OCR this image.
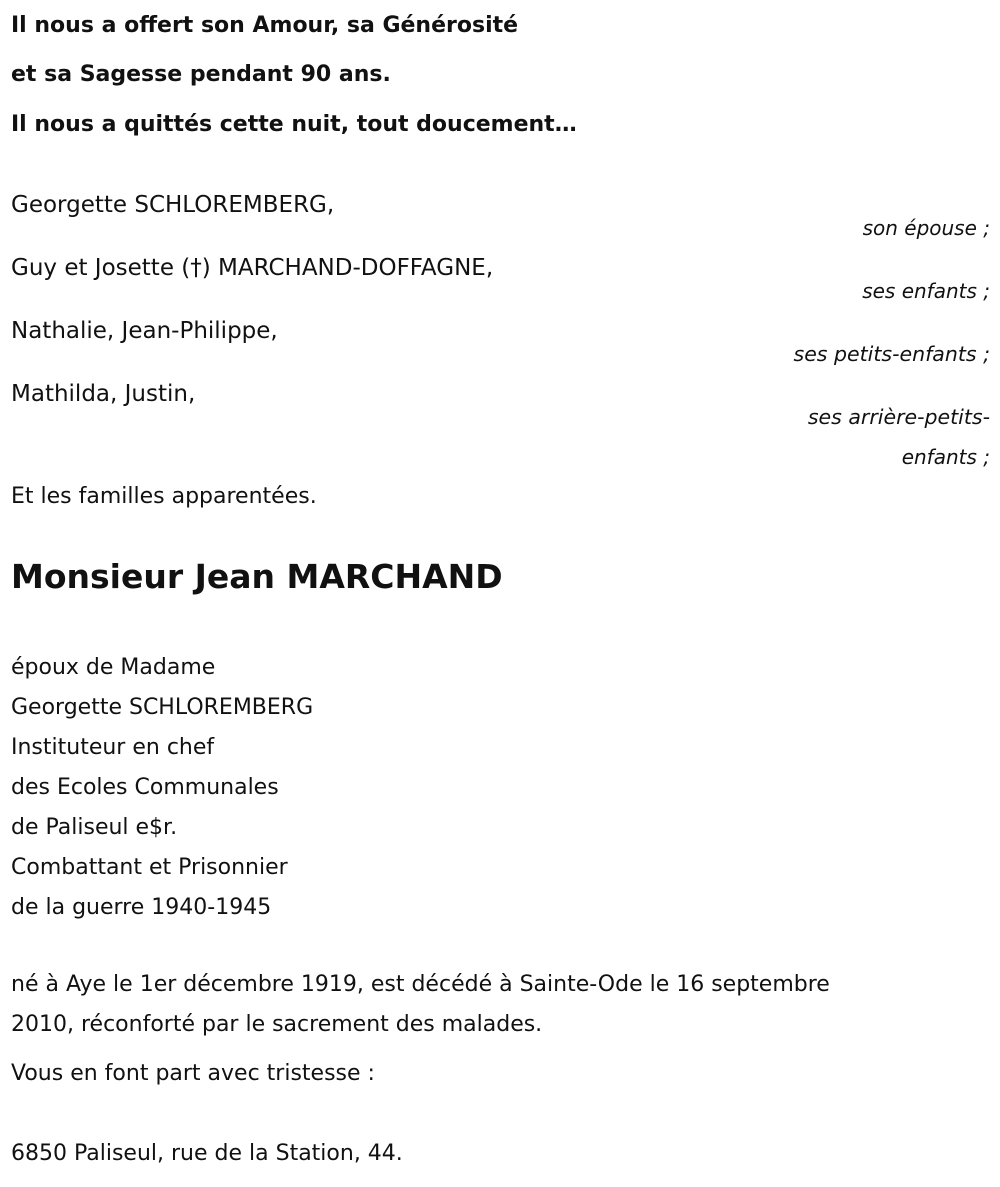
Il nous a offert son Amour, sa Générosité
et sa Sagesse pendant 90 ans.
Il nous a quittés cette nuit, tout doucement…
Georgette SCHLOREMBERG,
son épouse ;
Guy et Josette (†) MARCHAND-DOFFAGNE,
ses enfants ;
Nathalie, Jean-Philippe,
ses petits-enfants ;
Mathilda, Justin,
ses arrière-petits-
enfants ;
Et les familles apparentées.
Monsieur Jean MARCHAND
époux de Madame
Georgette SCHLOREMBERG
Instituteur en chef
des Ecoles Communales
de Paliseul e$r.
Combattant et Prisonnier
de la guerre 1940-1945
né à Aye le 1er décembre 1919, est décédé à Sainte-Ode le 16 septembre
2010, réconforté par le sacrement des malades.
Vous en font part avec tristesse :
6850 Paliseul, rue de la Station, 44.
